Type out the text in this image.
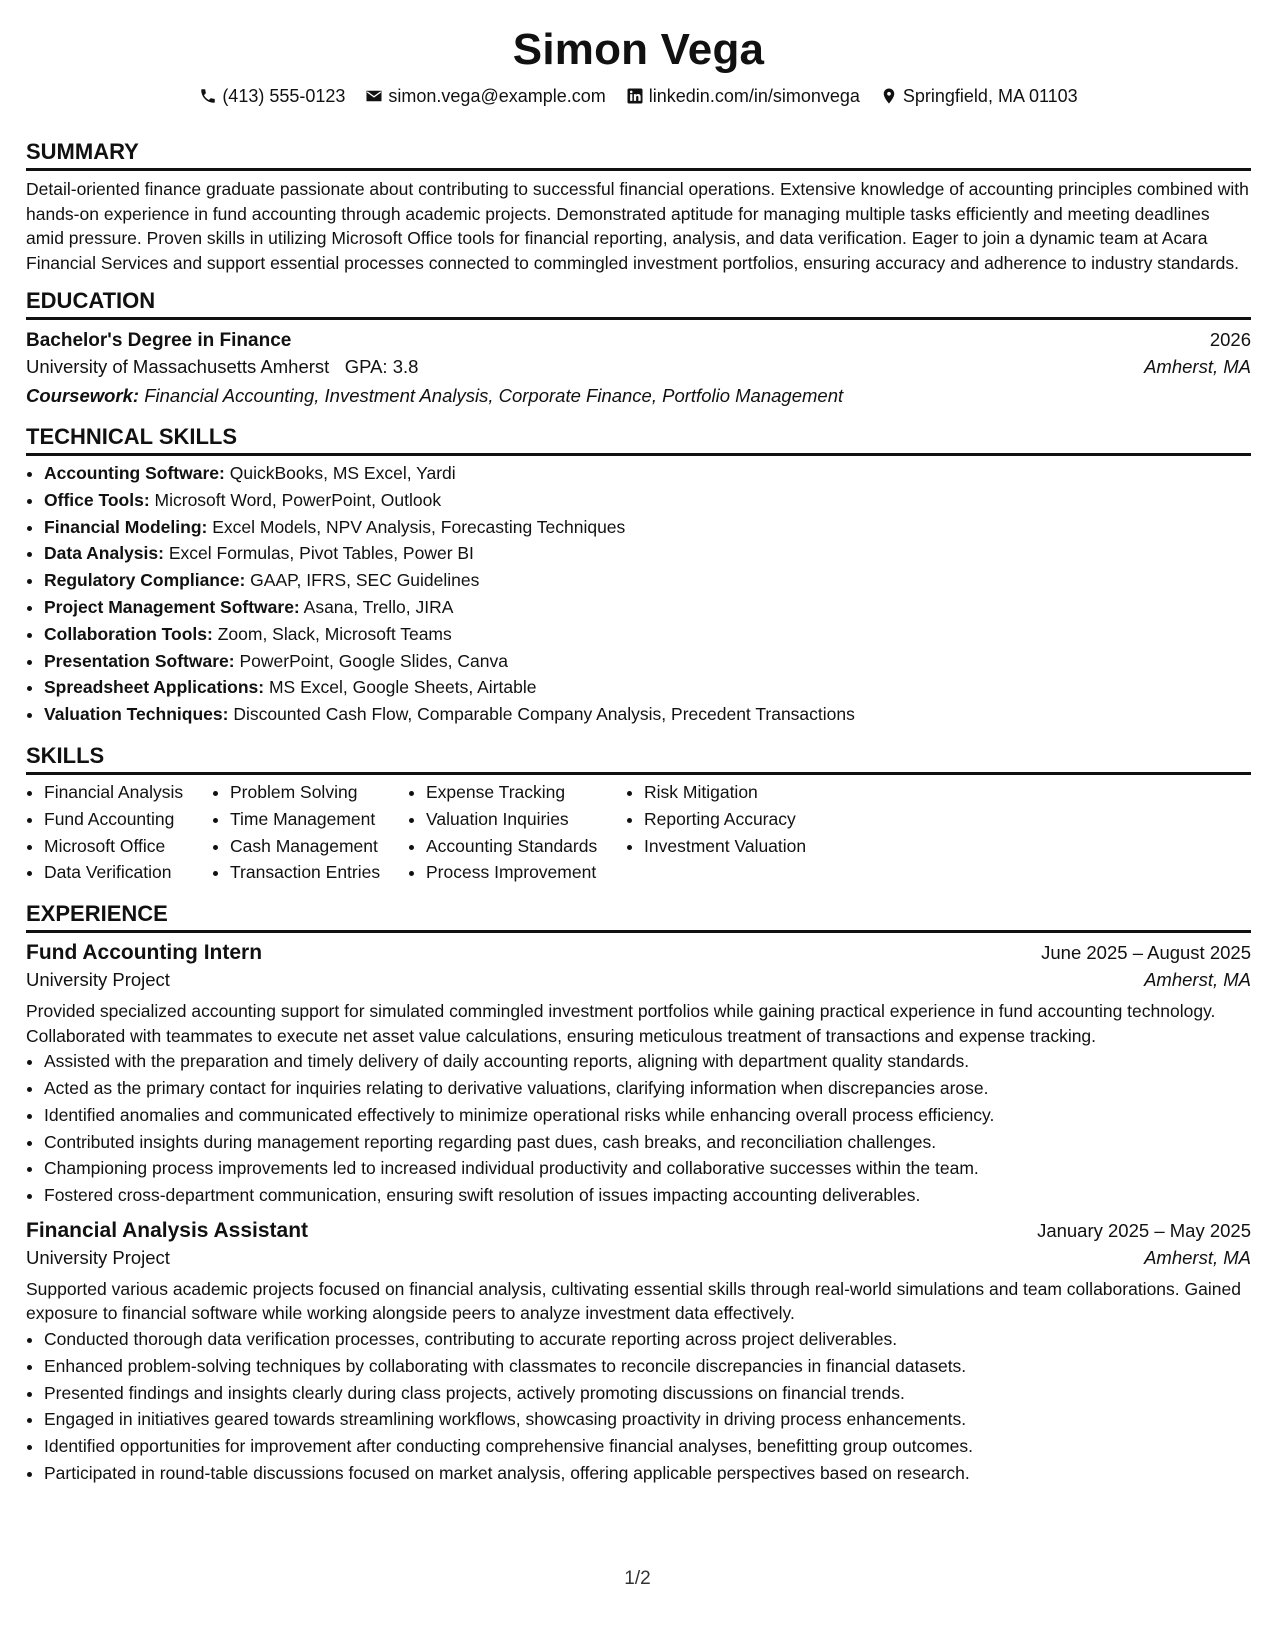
Simon Vega
(413) 555-0123 simon.vega@example.com linkedin.com/in/simonvega Springfield, MA 01103
SUMMARY
Detail-oriented finance graduate passionate about contributing to successful financial operations. Extensive knowledge of accounting principles combined with hands-on experience in fund accounting through academic projects. Demonstrated aptitude for managing multiple tasks efficiently and meeting deadlines amid pressure. Proven skills in utilizing Microsoft Office tools for financial reporting, analysis, and data verification. Eager to join a dynamic team at Acara Financial Services and support essential processes connected to commingled investment portfolios, ensuring accuracy and adherence to industry standards.
EDUCATION
Bachelor's Degree in Finance	2026
University of Massachusetts Amherst GPA: 3.8	Amherst, MA
Coursework: Financial Accounting, Investment Analysis, Corporate Finance, Portfolio Management
TECHNICAL SKILLS
• Accounting Software: QuickBooks, MS Excel, Yardi
• Office Tools: Microsoft Word, PowerPoint, Outlook
• Financial Modeling: Excel Models, NPV Analysis, Forecasting Techniques
• Data Analysis: Excel Formulas, Pivot Tables, Power BI
• Regulatory Compliance: GAAP, IFRS, SEC Guidelines
• Project Management Software: Asana, Trello, JIRA
• Collaboration Tools: Zoom, Slack, Microsoft Teams
• Presentation Software: PowerPoint, Google Slides, Canva
• Spreadsheet Applications: MS Excel, Google Sheets, Airtable
• Valuation Techniques: Discounted Cash Flow, Comparable Company Analysis, Precedent Transactions
SKILLS
• Financial Analysis
• Fund Accounting
• Microsoft Office
• Data Verification
• Problem Solving
• Time Management
• Cash Management
• Transaction Entries
• Expense Tracking
• Valuation Inquiries
• Accounting Standards
• Process Improvement
• Risk Mitigation
• Reporting Accuracy
• Investment Valuation
EXPERIENCE
Fund Accounting Intern	June 2025 – August 2025
University Project	Amherst, MA
Provided specialized accounting support for simulated commingled investment portfolios while gaining practical experience in fund accounting technology. Collaborated with teammates to execute net asset value calculations, ensuring meticulous treatment of transactions and expense tracking.
• Assisted with the preparation and timely delivery of daily accounting reports, aligning with department quality standards.
• Acted as the primary contact for inquiries relating to derivative valuations, clarifying information when discrepancies arose.
• Identified anomalies and communicated effectively to minimize operational risks while enhancing overall process efficiency.
• Contributed insights during management reporting regarding past dues, cash breaks, and reconciliation challenges.
• Championing process improvements led to increased individual productivity and collaborative successes within the team.
• Fostered cross-department communication, ensuring swift resolution of issues impacting accounting deliverables.
Financial Analysis Assistant	January 2025 – May 2025
University Project	Amherst, MA
Supported various academic projects focused on financial analysis, cultivating essential skills through real-world simulations and team collaborations. Gained exposure to financial software while working alongside peers to analyze investment data effectively.
• Conducted thorough data verification processes, contributing to accurate reporting across project deliverables.
• Enhanced problem-solving techniques by collaborating with classmates to reconcile discrepancies in financial datasets.
• Presented findings and insights clearly during class projects, actively promoting discussions on financial trends.
• Engaged in initiatives geared towards streamlining workflows, showcasing proactivity in driving process enhancements.
• Identified opportunities for improvement after conducting comprehensive financial analyses, benefitting group outcomes.
• Participated in round-table discussions focused on market analysis, offering applicable perspectives based on research.
1/2
